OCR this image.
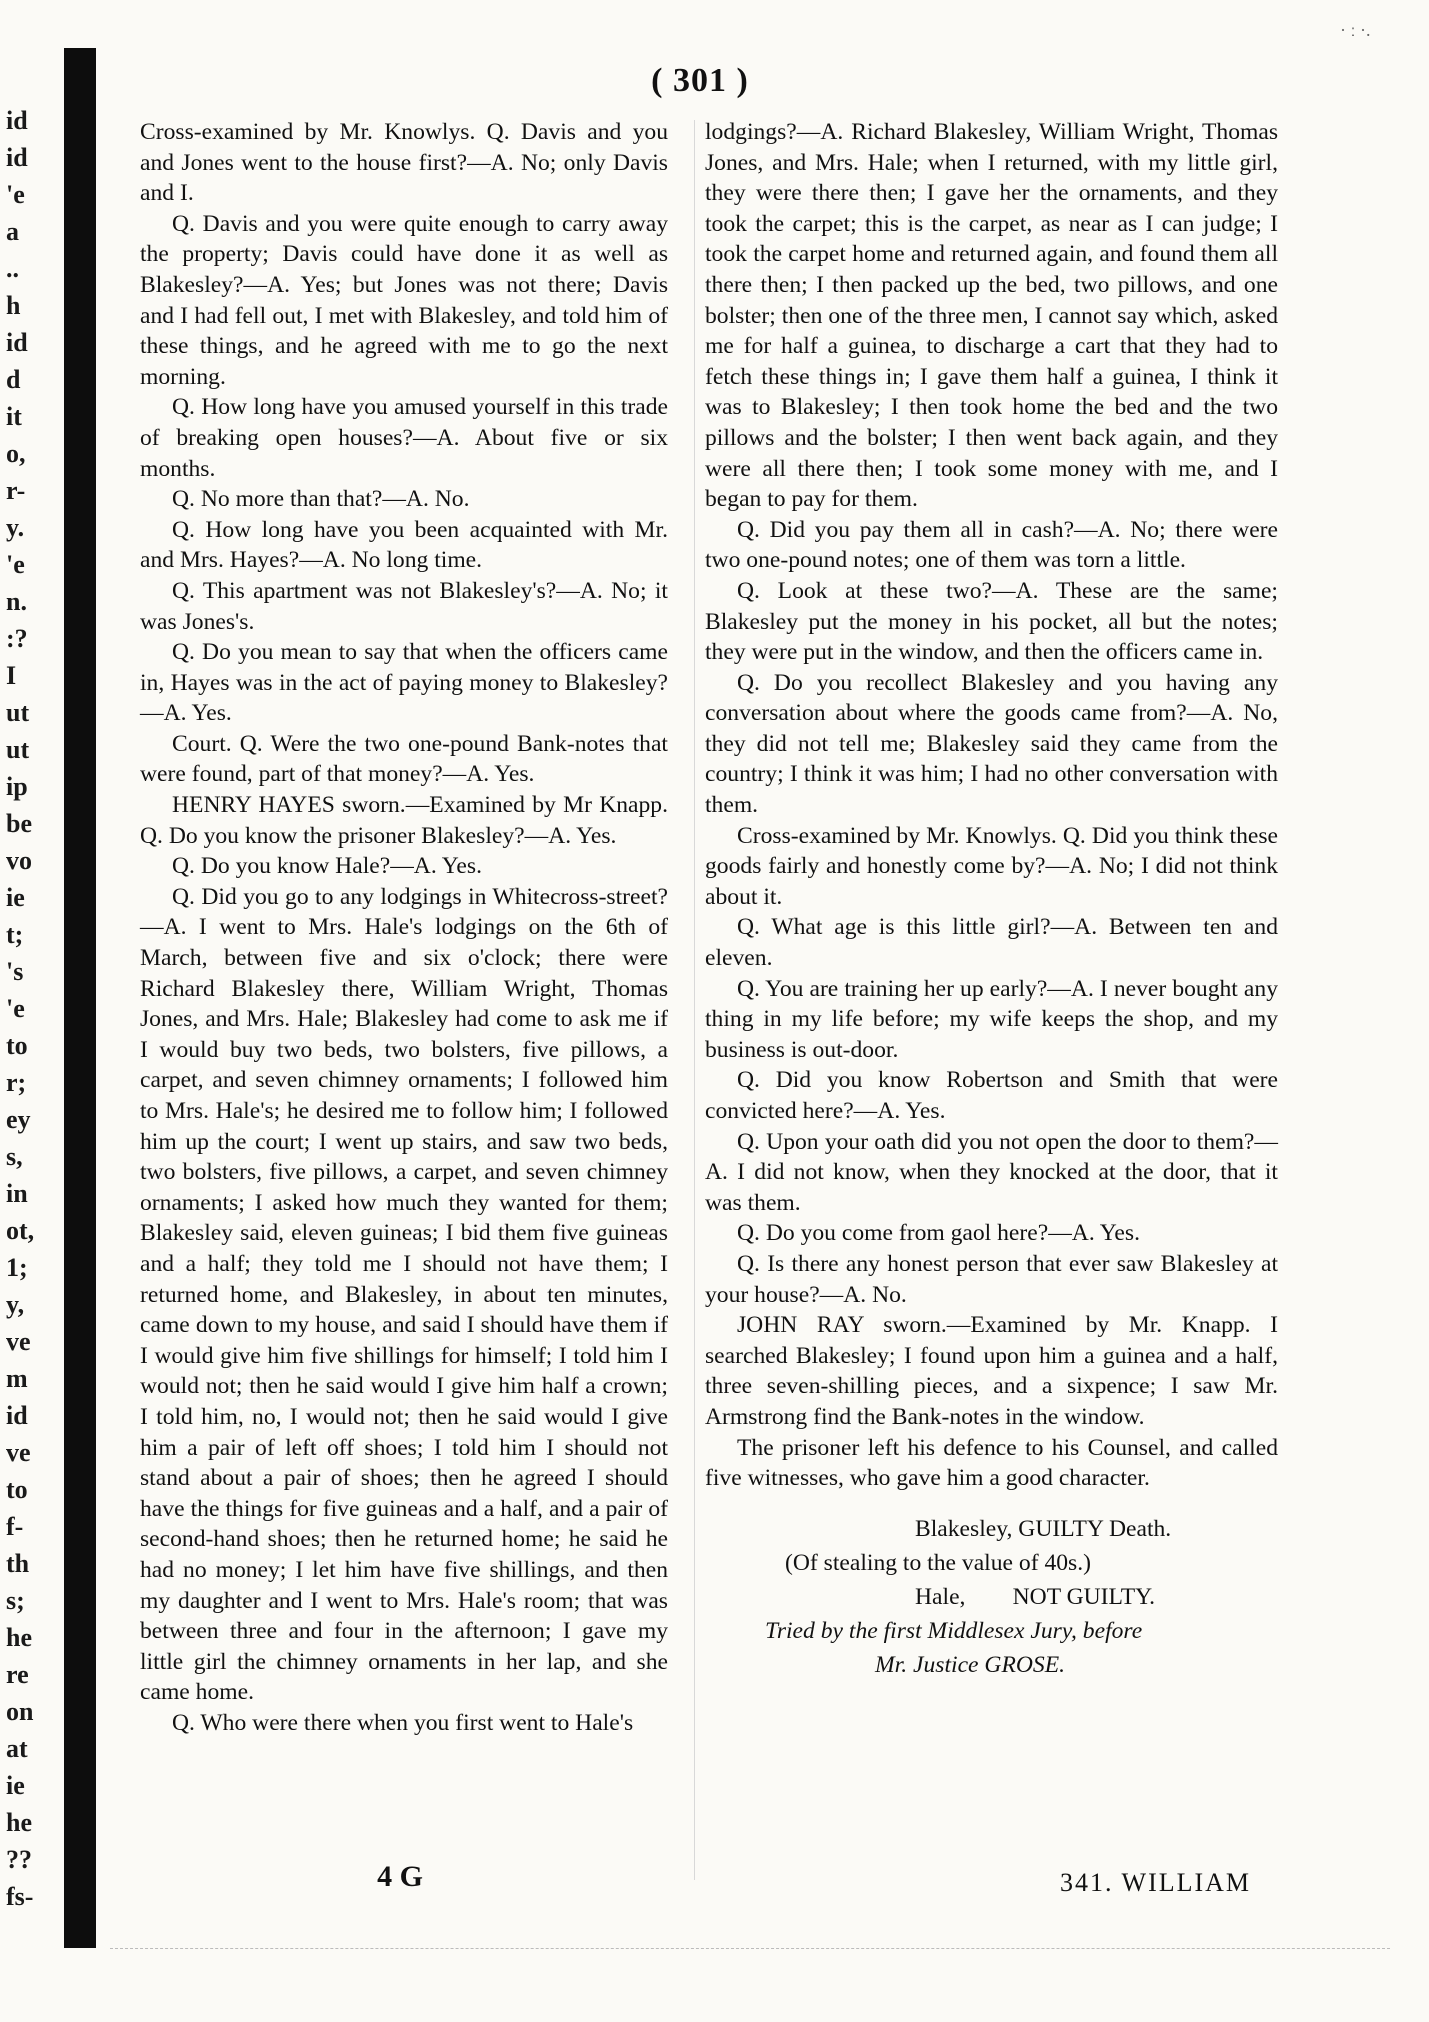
· ː ·.
id
id
'e
a
..
h
id
d
it
o,
r-
y.
'e
n.
:?
I
ut
ut
ip
be
vo
ie
t;
's
'e
to
r;
ey
s,
in
ot,
1;
y,
ve
m
id
ve
to
f-
th
s;
he
re
on
at
ie
he
??
fs-
( 301 )

Cross-examined by Mr. Knowlys. Q. Davis and you and Jones went to the house first?—A. No; only Davis and I.

Q. Davis and you were quite enough to carry away the property; Davis could have done it as well as Blakesley?—A. Yes; but Jones was not there; Davis and I had fell out, I met with Blakesley, and told him of these things, and he agreed with me to go the next morning.

Q. How long have you amused yourself in this trade of breaking open houses?—A. About five or six months.

Q. No more than that?—A. No.

Q. How long have you been acquainted with Mr. and Mrs. Hayes?—A. No long time.

Q. This apartment was not Blakesley's?—A. No; it was Jones's.

Q. Do you mean to say that when the officers came in, Hayes was in the act of paying money to Blakesley?—A. Yes.

Court. Q. Were the two one-pound Bank-notes that were found, part of that money?—A. Yes.

HENRY HAYES sworn.—Examined by Mr Knapp. Q. Do you know the prisoner Blakesley?—A. Yes.

Q. Do you know Hale?—A. Yes.

Q. Did you go to any lodgings in Whitecross-street?—A. I went to Mrs. Hale's lodgings on the 6th of March, between five and six o'clock; there were Richard Blakesley there, William Wright, Thomas Jones, and Mrs. Hale; Blakesley had come to ask me if I would buy two beds, two bolsters, five pillows, a carpet, and seven chimney ornaments; I followed him to Mrs. Hale's; he desired me to follow him; I followed him up the court; I went up stairs, and saw two beds, two bolsters, five pillows, a carpet, and seven chimney ornaments; I asked how much they wanted for them; Blakesley said, eleven guineas; I bid them five guineas and a half; they told me I should not have them; I returned home, and Blakesley, in about ten minutes, came down to my house, and said I should have them if I would give him five shillings for himself; I told him I would not; then he said would I give him half a crown; I told him, no, I would not; then he said would I give him a pair of left off shoes; I told him I should not stand about a pair of shoes; then he agreed I should have the things for five guineas and a half, and a pair of second-hand shoes; then he returned home; he said he had no money; I let him have five shillings, and then my daughter and I went to Mrs. Hale's room; that was between three and four in the afternoon; I gave my little girl the chimney ornaments in her lap, and she came home.

Q. Who were there when you first went to Hale's

lodgings?—A. Richard Blakesley, William Wright, Thomas Jones, and Mrs. Hale; when I returned, with my little girl, they were there then; I gave her the ornaments, and they took the carpet; this is the carpet, as near as I can judge; I took the carpet home and returned again, and found them all there then; I then packed up the bed, two pillows, and one bolster; then one of the three men, I cannot say which, asked me for half a guinea, to discharge a cart that they had to fetch these things in; I gave them half a guinea, I think it was to Blakesley; I then took home the bed and the two pillows and the bolster; I then went back again, and they were all there then; I took some money with me, and I began to pay for them.

Q. Did you pay them all in cash?—A. No; there were two one-pound notes; one of them was torn a little.

Q. Look at these two?—A. These are the same; Blakesley put the money in his pocket, all but the notes; they were put in the window, and then the officers came in.

Q. Do you recollect Blakesley and you having any conversation about where the goods came from?—A. No, they did not tell me; Blakesley said they came from the country; I think it was him; I had no other conversation with them.

Cross-examined by Mr. Knowlys. Q. Did you think these goods fairly and honestly come by?—A. No; I did not think about it.

Q. What age is this little girl?—A. Between ten and eleven.

Q. You are training her up early?—A. I never bought any thing in my life before; my wife keeps the shop, and my business is out-door.

Q. Did you know Robertson and Smith that were convicted here?—A. Yes.

Q. Upon your oath did you not open the door to them?—A. I did not know, when they knocked at the door, that it was them.

Q. Do you come from gaol here?—A. Yes.

Q. Is there any honest person that ever saw Blakesley at your house?—A. No.

JOHN RAY sworn.—Examined by Mr. Knapp. I searched Blakesley; I found upon him a guinea and a half, three seven-shilling pieces, and a sixpence; I saw Mr. Armstrong find the Bank-notes in the window.

The prisoner left his defence to his Counsel, and called five witnesses, who gave him a good character.

Blakesley, GUILTY Death.
(Of stealing to the value of 40s.)
Hale,        NOT GUILTY.
Tried by the first Middlesex Jury, before
Mr. Justice GROSE.
4 G	341. WILLIAM
